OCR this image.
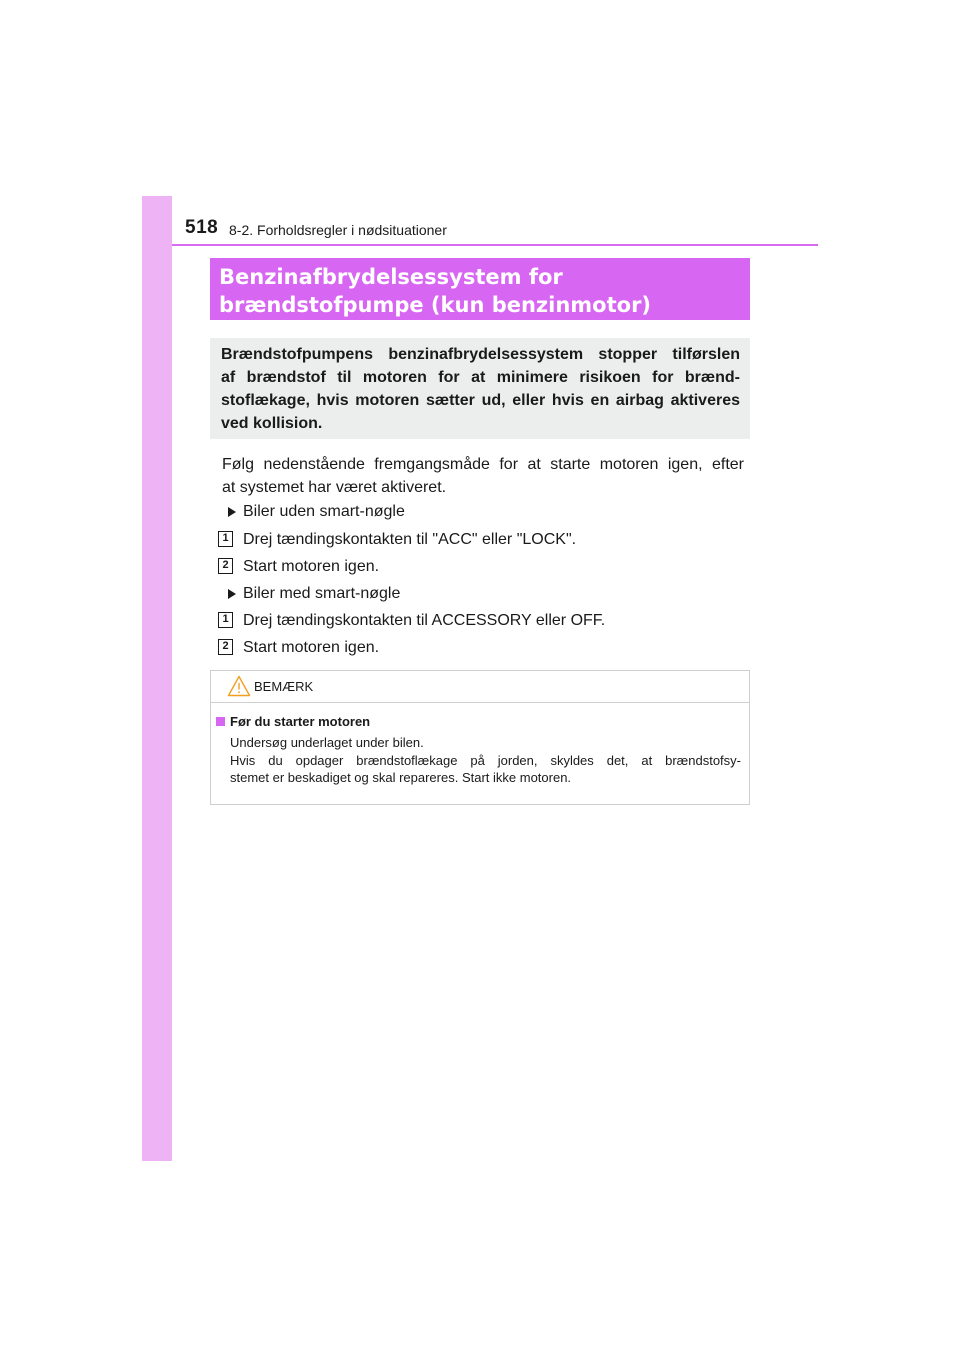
518 8-2. Forholdsregler i nødsituationer
Benzinafbrydelsessystem for
brændstofpumpe (kun benzinmotor)
Brændstofpumpens benzinafbrydelsessystem stopper tilførslen
af brændstof til motoren for at minimere risikoen for brænd-
stoflækage, hvis motoren sætter ud, eller hvis en airbag aktiveres
ved kollision.
Følg nedenstående fremgangsmåde for at starte motoren igen, efter
at systemet har været aktiveret.
Biler uden smart-nøgle
1 Drej tændingskontakten til "ACC" eller "LOCK".
2 Start motoren igen.
Biler med smart-nøgle
1 Drej tændingskontakten til ACCESSORY eller OFF.
2 Start motoren igen.
BEMÆRK
Før du starter motoren
Undersøg underlaget under bilen.
Hvis du opdager brændstoflækage på jorden, skyldes det, at brændstofsy-
stemet er beskadiget og skal repareres. Start ikke motoren.
